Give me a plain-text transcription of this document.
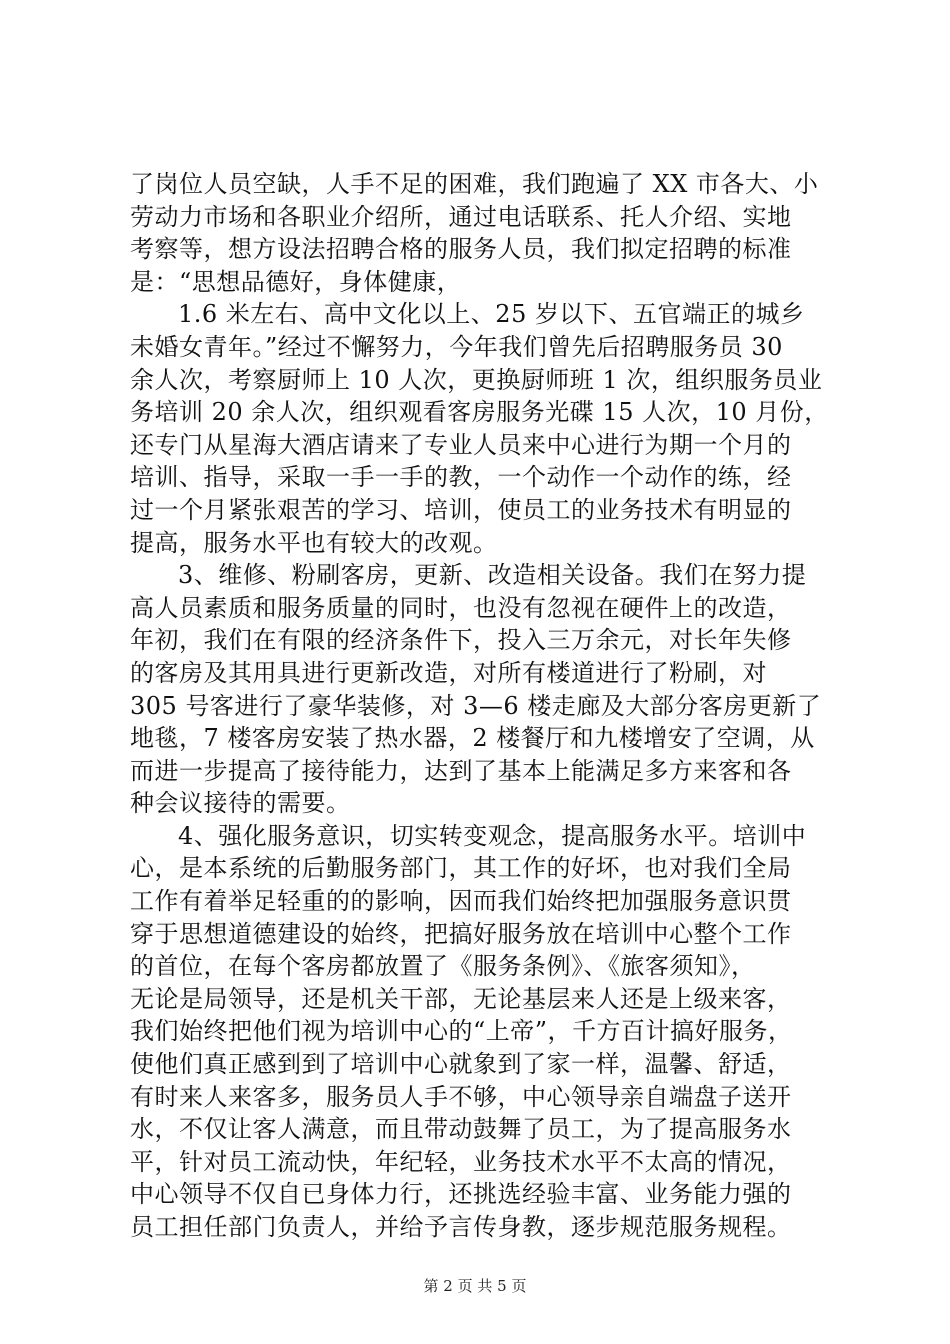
了岗位人员空缺，人手不足的困难，我们跑遍了 XX 市各大、小
劳动力市场和各职业介绍所，通过电话联系、托人介绍、实地
考察等，想方设法招聘合格的服务人员，我们拟定招聘的标准
是：“思想品德好，身体健康，
1.6 米左右、高中文化以上、25 岁以下、五官端正的城乡
未婚女青年。”经过不懈努力，今年我们曾先后招聘服务员 30
余人次，考察厨师上 10 人次，更换厨师班 1 次，组织服务员业
务培训 20 余人次，组织观看客房服务光碟 15 人次，10 月份，
还专门从星海大酒店请来了专业人员来中心进行为期一个月的
培训、指导，采取一手一手的教，一个动作一个动作的练，经
过一个月紧张艰苦的学习、培训，使员工的业务技术有明显的
提高，服务水平也有较大的改观。
3、维修、粉刷客房，更新、改造相关设备。我们在努力提
高人员素质和服务质量的同时，也没有忽视在硬件上的改造，
年初，我们在有限的经济条件下，投入三万余元，对长年失修
的客房及其用具进行更新改造，对所有楼道进行了粉刷，对
305 号客进行了豪华装修，对 3—6 楼走廊及大部分客房更新了
地毯，7 楼客房安装了热水器，2 楼餐厅和九楼增安了空调，从
而进一步提高了接待能力，达到了基本上能满足多方来客和各
种会议接待的需要。
4、强化服务意识，切实转变观念，提高服务水平。培训中
心，是本系统的后勤服务部门，其工作的好坏，也对我们全局
工作有着举足轻重的的影响，因而我们始终把加强服务意识贯
穿于思想道德建设的始终，把搞好服务放在培训中心整个工作
的首位，在每个客房都放置了《服务条例》、《旅客须知》，
无论是局领导，还是机关干部，无论基层来人还是上级来客，
我们始终把他们视为培训中心的“上帝”，千方百计搞好服务，
使他们真正感到到了培训中心就象到了家一样，温馨、舒适，
有时来人来客多，服务员人手不够，中心领导亲自端盘子送开
水，不仅让客人满意，而且带动鼓舞了员工，为了提高服务水
平，针对员工流动快，年纪轻，业务技术水平不太高的情况，
中心领导不仅自已身体力行，还挑选经验丰富、业务能力强的
员工担任部门负责人，并给予言传身教，逐步规范服务规程。
第 2 页 共 5 页
